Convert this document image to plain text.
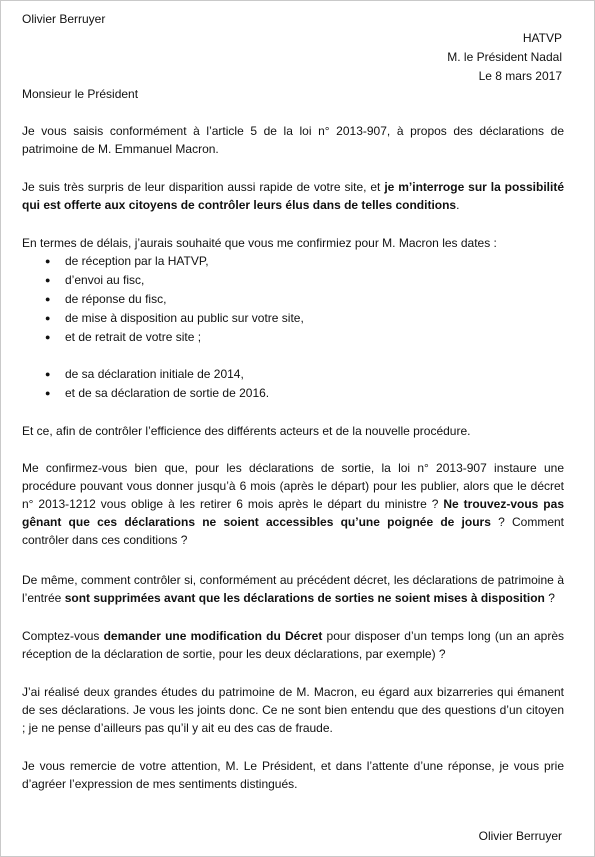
Olivier Berruyer
HATVP
M. le Président Nadal
Le 8 mars 2017
Monsieur le Président
Je vous saisis conformément à l’article 5 de la loi n° 2013-907, à propos des déclarations de patrimoine de M. Emmanuel Macron.
Je suis très surpris de leur disparition aussi rapide de votre site, et je m’interroge sur la possibilité qui est offerte aux citoyens de contrôler leurs élus dans de telles conditions.
En termes de délais, j’aurais souhaité que vous me confirmiez pour M. Macron les dates :
● de réception par la HATVP,
● d’envoi au fisc,
● de réponse du fisc,
● de mise à disposition au public sur votre site,
● et de retrait de votre site ;
● de sa déclaration initiale de 2014,
● et de sa déclaration de sortie de 2016.
Et ce, afin de contrôler l’efficience des différents acteurs et de la nouvelle procédure.
Me confirmez-vous bien que, pour les déclarations de sortie, la loi n° 2013-907 instaure une procédure pouvant vous donner jusqu’à 6 mois (après le départ) pour les publier, alors que le décret n° 2013-1212 vous oblige à les retirer 6 mois après le départ du ministre ? Ne trouvez-vous pas gênant que ces déclarations ne soient accessibles qu’une poignée de jours ? Comment contrôler dans ces conditions ?
De même, comment contrôler si, conformément au précédent décret, les déclarations de patrimoine à l’entrée sont supprimées avant que les déclarations de sorties ne soient mises à disposition ?
Comptez-vous demander une modification du Décret pour disposer d’un temps long (un an après réception de la déclaration de sortie, pour les deux déclarations, par exemple) ?
J’ai réalisé deux grandes études du patrimoine de M. Macron, eu égard aux bizarreries qui émanent de ses déclarations. Je vous les joints donc. Ce ne sont bien entendu que des questions d’un citoyen ; je ne pense d’ailleurs pas qu’il y ait eu des cas de fraude.
Je vous remercie de votre attention, M. Le Président, et dans l’attente d’une réponse, je vous prie d’agréer l’expression de mes sentiments distingués.
Olivier Berruyer
